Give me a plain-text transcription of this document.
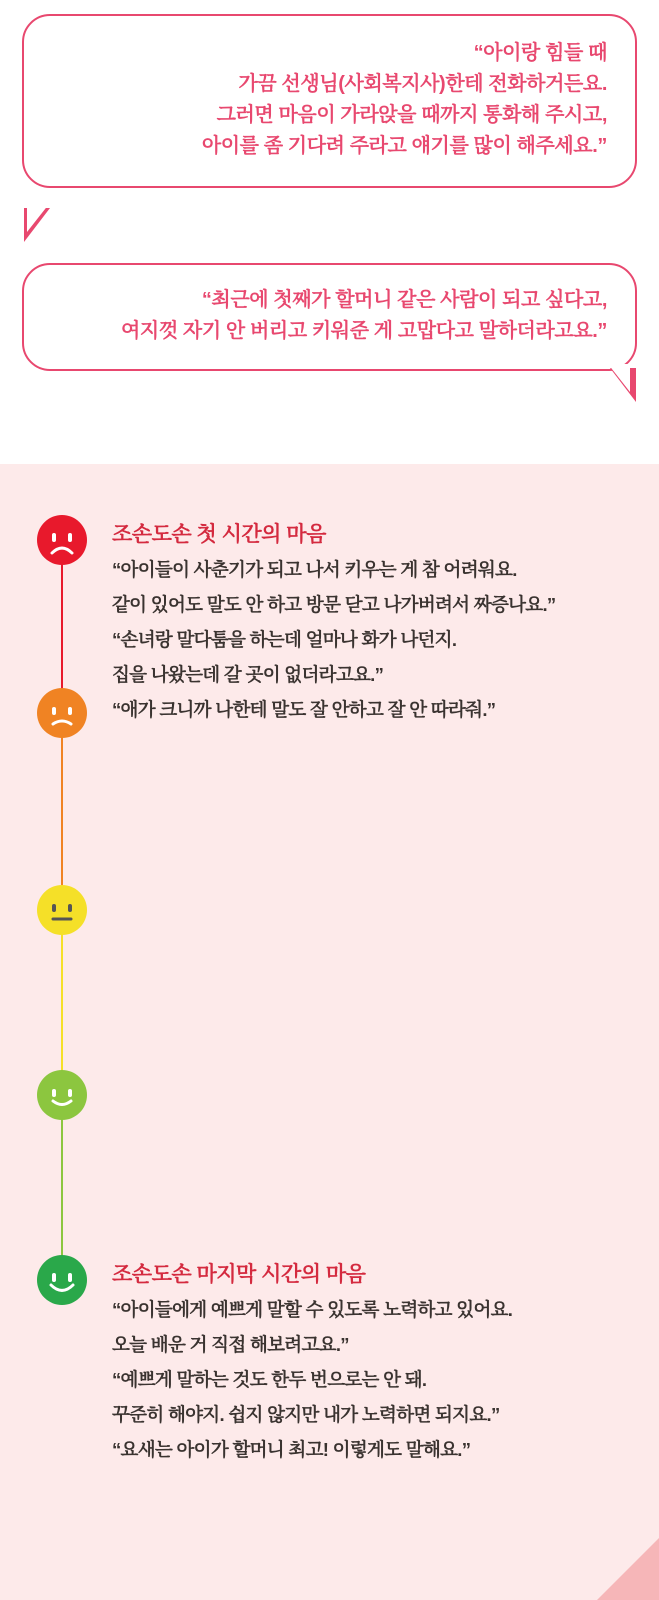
“아이랑 힘들 때
가끔 선생님(사회복지사)한테 전화하거든요.
그러면 마음이 가라앉을 때까지 통화해 주시고,
아이를 좀 기다려 주라고 얘기를 많이 해주세요.”
“최근에 첫째가 할머니 같은 사람이 되고 싶다고,
여지껏 자기 안 버리고 키워준 게 고맙다고 말하더라고요.”
조손도손 첫 시간의 마음
“아이들이 사춘기가 되고 나서 키우는 게 참 어려워요.
같이 있어도 말도 안 하고 방문 닫고 나가버려서 짜증나요.”
“손녀랑 말다툼을 하는데 얼마나 화가 나던지.
집을 나왔는데 갈 곳이 없더라고요.”
“애가 크니까 나한테 말도 잘 안하고 잘 안 따라줘.”
조손도손 마지막 시간의 마음
“아이들에게 예쁘게 말할 수 있도록 노력하고 있어요.
오늘 배운 거 직접 해보려고요.”
“예쁘게 말하는 것도 한두 번으로는 안 돼.
꾸준히 해야지. 쉽지 않지만 내가 노력하면 되지요.”
“요새는 아이가 할머니 최고! 이렇게도 말해요.”
